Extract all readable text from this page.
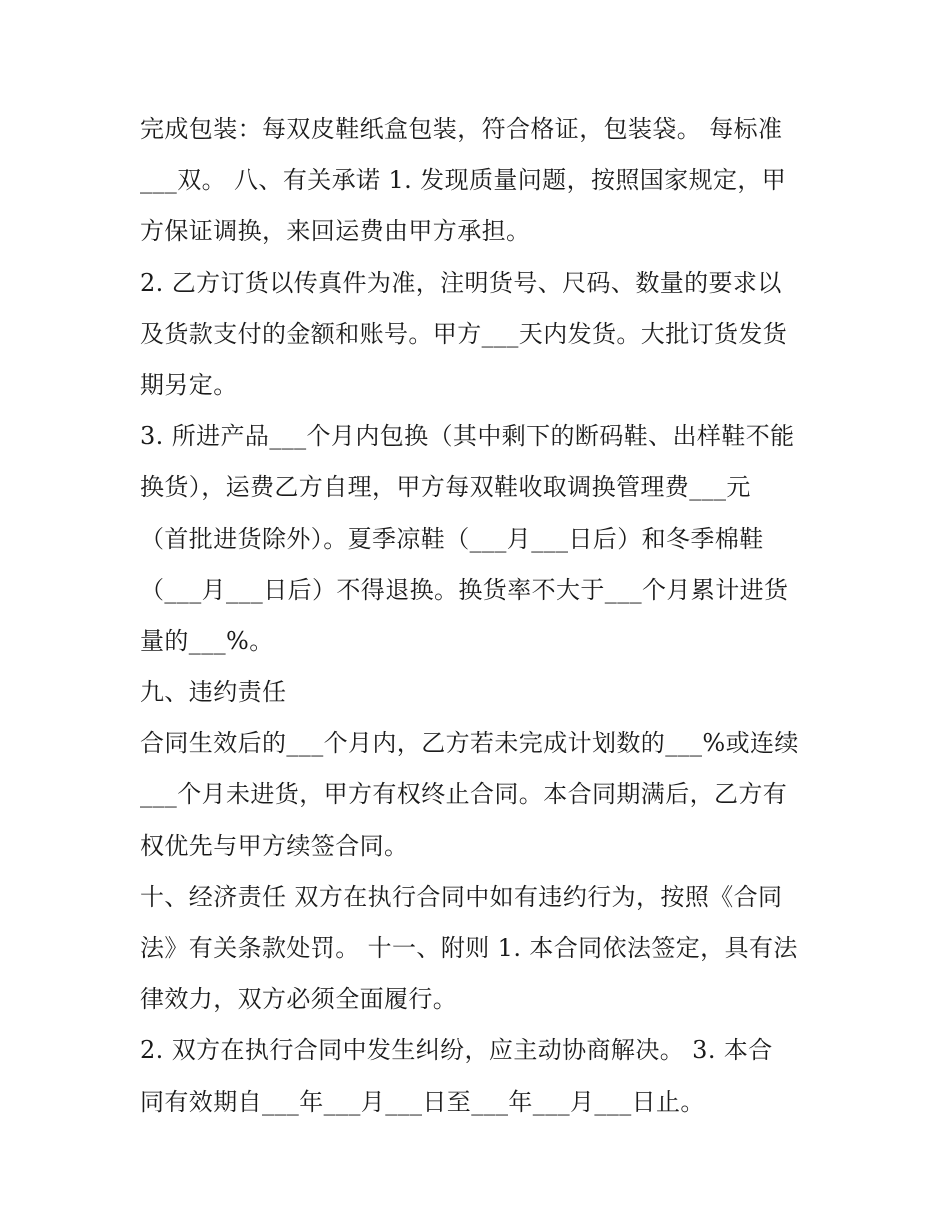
完成包装：每双皮鞋纸盒包装，符合格证，包装袋。 每标准
___双。 八、有关承诺 1. 发现质量问题，按照国家规定，甲
方保证调换，来回运费由甲方承担。
2. 乙方订货以传真件为准，注明货号、尺码、数量的要求以
及货款支付的金额和账号。甲方___天内发货。大批订货发货
期另定。
3. 所进产品___个月内包换（其中剩下的断码鞋、出样鞋不能
换货），运费乙方自理，甲方每双鞋收取调换管理费___元
（首批进货除外）。夏季凉鞋（___月___日后）和冬季棉鞋
（___月___日后）不得退换。换货率不大于___个月累计进货
量的___%。
九、违约责任
合同生效后的___个月内，乙方若未完成计划数的___%或连续
___个月未进货，甲方有权终止合同。本合同期满后，乙方有
权优先与甲方续签合同。
十、经济责任 双方在执行合同中如有违约行为，按照《合同
法》有关条款处罚。 十一、附则 1. 本合同依法签定，具有法
律效力，双方必须全面履行。
2. 双方在执行合同中发生纠纷，应主动协商解决。 3. 本合
同有效期自___年___月___日至___年___月___日止。
